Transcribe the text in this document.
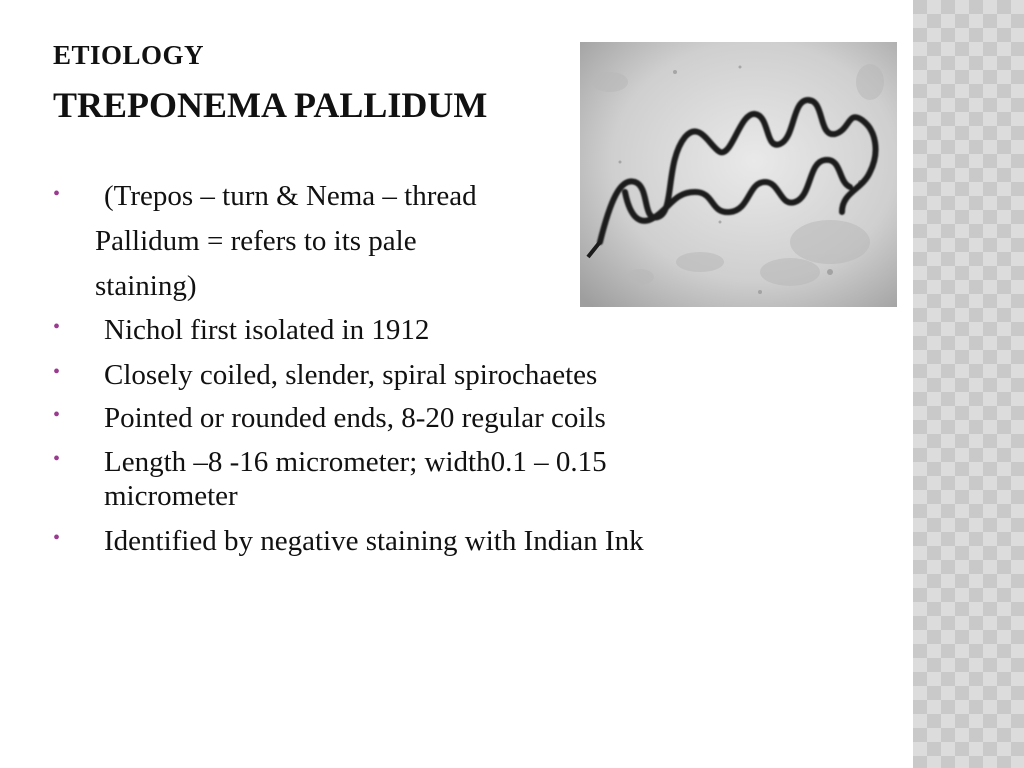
ETIOLOGY
TREPONEMA PALLIDUM
• (Trepos – turn & Nema – thread
Pallidum = refers to its pale
staining)
• Nichol first isolated in 1912
• Closely coiled, slender, spiral spirochaetes
• Pointed or rounded ends, 8-20 regular coils
• Length –8 -16 micrometer; width0.1 – 0.15
micrometer
• Identified by negative staining with Indian Ink
